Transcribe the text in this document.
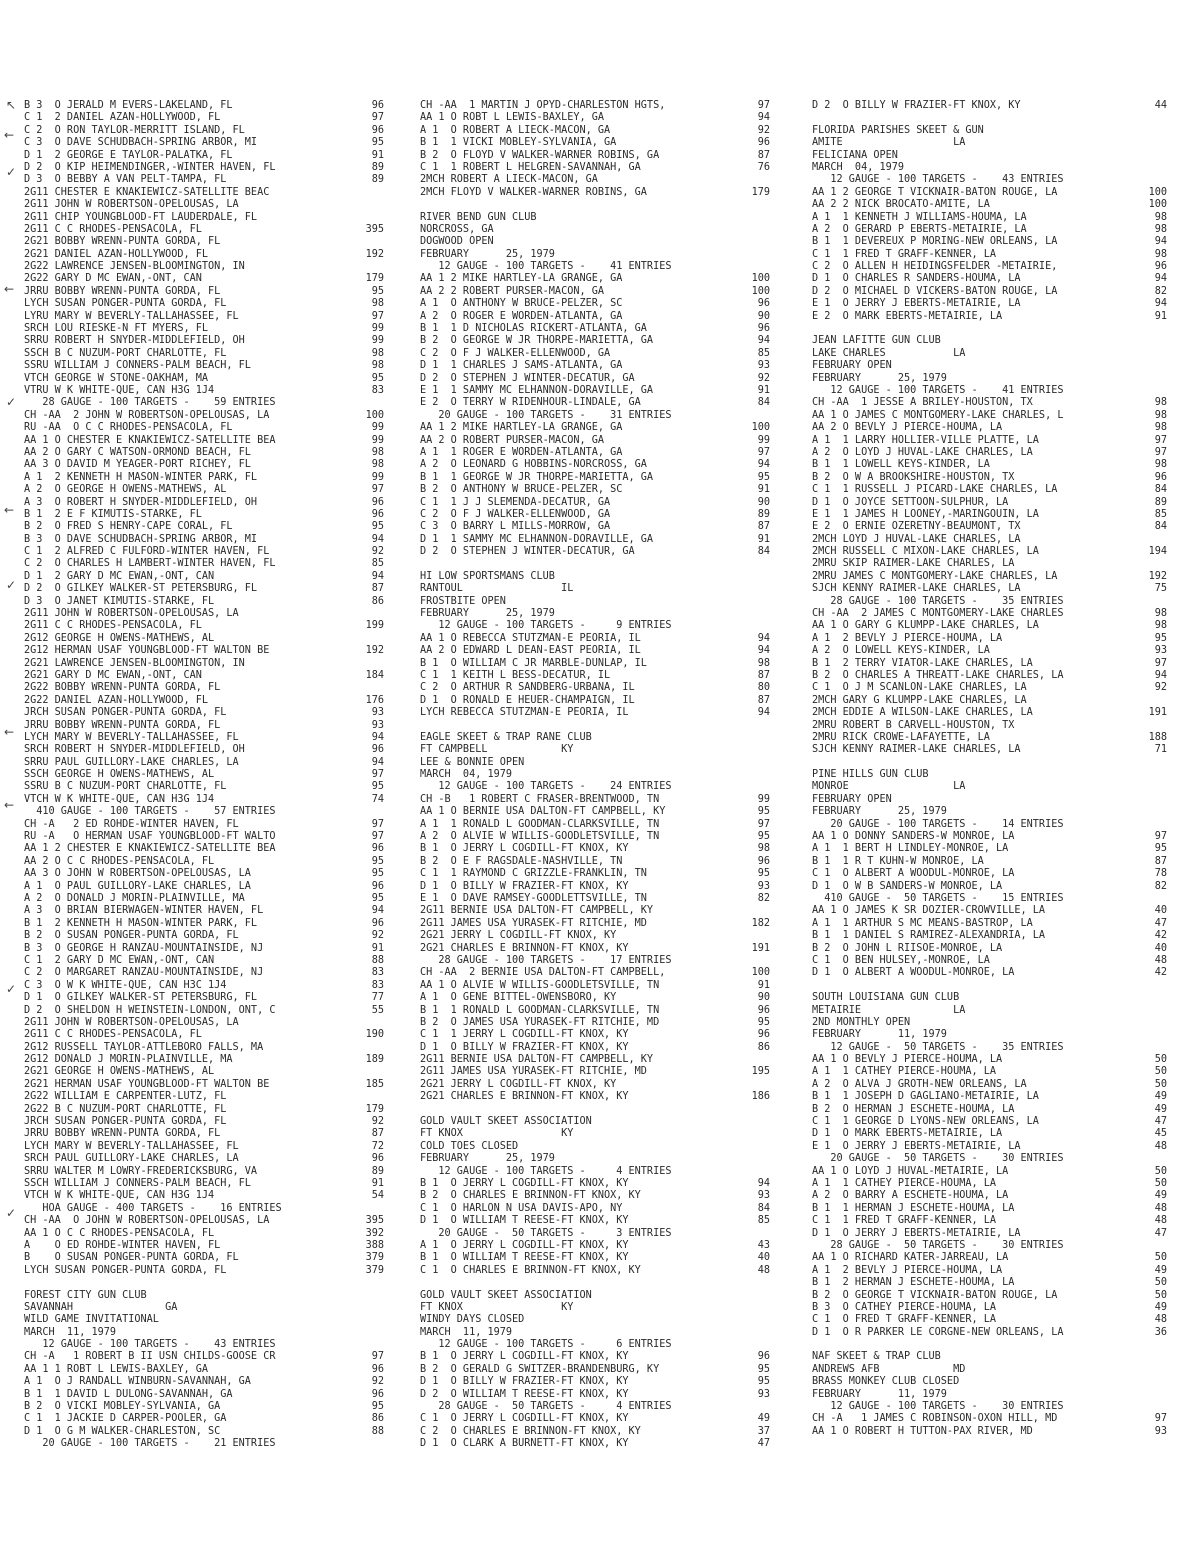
B 3  O JERALD M EVERS-LAKELAND, FL	96
C 1  2 DANIEL AZAN-HOLLYWOOD, FL	97
C 2  O RON TAYLOR-MERRITT ISLAND, FL	96
C 3  O DAVE SCHUDBACH-SPRING ARBOR, MI	95
D 1  2 GEORGE E TAYLOR-PALATKA, FL	91
D 2  O KIP HEIMENDINGER,-WINTER HAVEN, FL	89
D 3  O BEBBY A VAN PELT-TAMPA, FL	89
2G11 CHESTER E KNAKIEWICZ-SATELLITE BEAC
2G11 JOHN W ROBERTSON-OPELOUSAS, LA
2G11 CHIP YOUNGBLOOD-FT LAUDERDALE, FL
2G11 C C RHODES-PENSACOLA, FL	395
2G21 BOBBY WRENN-PUNTA GORDA, FL
2G21 DANIEL AZAN-HOLLYWOOD, FL	192
2G22 LAWRENCE JENSEN-BLOOMINGTON, IN
2G22 GARY D MC EWAN,-ONT, CAN	179
JRRU BOBBY WRENN-PUNTA GORDA, FL	95
LYCH SUSAN PONGER-PUNTA GORDA, FL	98
LYRU MARY W BEVERLY-TALLAHASSEE, FL	97
SRCH LOU RIESKE-N FT MYERS, FL	99
SRRU ROBERT H SNYDER-MIDDLEFIELD, OH	99
SSCH B C NUZUM-PORT CHARLOTTE, FL	98
SSRU WILLIAM J CONNERS-PALM BEACH, FL	98
VTCH GEORGE W STONE-OAKHAM, MA	95
VTRU W K WHITE-QUE, CAN H3G 1J4	83
28 GAUGE - 100 TARGETS -    59 ENTRIES
CH -AA  2 JOHN W ROBERTSON-OPELOUSAS, LA	100
RU -AA  O C C RHODES-PENSACOLA, FL	99
AA 1 O CHESTER E KNAKIEWICZ-SATELLITE BEA	99
AA 2 O GARY C WATSON-ORMOND BEACH, FL	98
AA 3 O DAVID M YEAGER-PORT RICHEY, FL	98
A 1  2 KENNETH H MASON-WINTER PARK, FL	99
A 2  O GEORGE H OWENS-MATHEWS, AL	97
A 3  O ROBERT H SNYDER-MIDDLEFIELD, OH	96
B 1  2 E F KIMUTIS-STARKE, FL	96
B 2  O FRED S HENRY-CAPE CORAL, FL	95
B 3  O DAVE SCHUDBACH-SPRING ARBOR, MI	94
C 1  2 ALFRED C FULFORD-WINTER HAVEN, FL	92
C 2  O CHARLES H LAMBERT-WINTER HAVEN, FL	85
D 1  2 GARY D MC EWAN,-ONT, CAN	94
D 2  O GILKEY WALKER-ST PETERSBURG, FL	87
D 3  O JANET KIMUTIS-STARKE, FL	86
2G11 JOHN W ROBERTSON-OPELOUSAS, LA
2G11 C C RHODES-PENSACOLA, FL	199
2G12 GEORGE H OWENS-MATHEWS, AL
2G12 HERMAN USAF YOUNGBLOOD-FT WALTON BE	192
2G21 LAWRENCE JENSEN-BLOOMINGTON, IN
2G21 GARY D MC EWAN,-ONT, CAN	184
2G22 BOBBY WRENN-PUNTA GORDA, FL
2G22 DANIEL AZAN-HOLLYWOOD, FL	176
JRCH SUSAN PONGER-PUNTA GORDA, FL	93
JRRU BOBBY WRENN-PUNTA GORDA, FL	93
LYCH MARY W BEVERLY-TALLAHASSEE, FL	94
SRCH ROBERT H SNYDER-MIDDLEFIELD, OH	96
SRRU PAUL GUILLORY-LAKE CHARLES, LA	94
SSCH GEORGE H OWENS-MATHEWS, AL	97
SSRU B C NUZUM-PORT CHARLOTTE, FL	95
VTCH W K WHITE-QUE, CAN H3G 1J4	74
410 GAUGE - 100 TARGETS -    57 ENTRIES
CH -A   2 ED ROHDE-WINTER HAVEN, FL	97
RU -A   O HERMAN USAF YOUNGBLOOD-FT WALTO	97
AA 1 2 CHESTER E KNAKIEWICZ-SATELLITE BEA	96
AA 2 O C C RHODES-PENSACOLA, FL	95
AA 3 O JOHN W ROBERTSON-OPELOUSAS, LA	95
A 1  O PAUL GUILLORY-LAKE CHARLES, LA	96
A 2  O DONALD J MORIN-PLAINVILLE, MA	95
A 3  O BRIAN BIERWAGEN-WINTER HAVEN, FL	94
B 1  2 KENNETH H MASON-WINTER PARK, FL	96
B 2  O SUSAN PONGER-PUNTA GORDA, FL	92
B 3  O GEORGE H RANZAU-MOUNTAINSIDE, NJ	91
C 1  2 GARY D MC EWAN,-ONT, CAN	88
C 2  O MARGARET RANZAU-MOUNTAINSIDE, NJ	83
C 3  O W K WHITE-QUE, CAN H3C 1J4	83
D 1  O GILKEY WALKER-ST PETERSBURG, FL	77
D 2  O SHELDON H WEINSTEIN-LONDON, ONT, C	55
2G11 JOHN W ROBERTSON-OPELOUSAS, LA
2G11 C C RHODES-PENSACOLA, FL	190
2G12 RUSSELL TAYLOR-ATTLEBORO FALLS, MA
2G12 DONALD J MORIN-PLAINVILLE, MA	189
2G21 GEORGE H OWENS-MATHEWS, AL
2G21 HERMAN USAF YOUNGBLOOD-FT WALTON BE	185
2G22 WILLIAM E CARPENTER-LUTZ, FL
2G22 B C NUZUM-PORT CHARLOTTE, FL	179
JRCH SUSAN PONGER-PUNTA GORDA, FL	92
JRRU BOBBY WRENN-PUNTA GORDA, FL	87
LYCH MARY W BEVERLY-TALLAHASSEE, FL	72
SRCH PAUL GUILLORY-LAKE CHARLES, LA	96
SRRU WALTER M LOWRY-FREDERICKSBURG, VA	89
SSCH WILLIAM J CONNERS-PALM BEACH, FL	91
VTCH W K WHITE-QUE, CAN H3G 1J4	54
HOA GAUGE - 400 TARGETS -    16 ENTRIES
CH -AA  O JOHN W ROBERTSON-OPELOUSAS, LA	395
AA 1 O C C RHODES-PENSACOLA, FL	392
A    O ED ROHDE-WINTER HAVEN, FL	388
B    O SUSAN PONGER-PUNTA GORDA, FL	379
LYCH SUSAN PONGER-PUNTA GORDA, FL	379
FOREST CITY GUN CLUB
SAVANNAH               GA
WILD GAME INVITATIONAL
MARCH  11, 1979
12 GAUGE - 100 TARGETS -    43 ENTRIES
CH -A   1 ROBERT B II USN CHILDS-GOOSE CR	97
AA 1 1 ROBT L LEWIS-BAXLEY, GA	96
A 1  O J RANDALL WINBURN-SAVANNAH, GA	92
B 1  1 DAVID L DULONG-SAVANNAH, GA	96
B 2  O VICKI MOBLEY-SYLVANIA, GA	95
C 1  1 JACKIE D CARPER-POOLER, GA	86
D 1  O G M WALKER-CHARLESTON, SC	88
20 GAUGE - 100 TARGETS -    21 ENTRIES
CH -AA  1 MARTIN J OPYD-CHARLESTON HGTS,	97
AA 1 O ROBT L LEWIS-BAXLEY, GA	94
A 1  O ROBERT A LIECK-MACON, GA	92
B 1  1 VICKI MOBLEY-SYLVANIA, GA	96
B 2  O FLOYD V WALKER-WARNER ROBINS, GA	87
C 1  1 ROBERT L HELGREN-SAVANNAH, GA	76
2MCH ROBERT A LIECK-MACON, GA
2MCH FLOYD V WALKER-WARNER ROBINS, GA	179
RIVER BEND GUN CLUB
NORCROSS, GA
DOGWOOD OPEN
FEBRUARY      25, 1979
12 GAUGE - 100 TARGETS -    41 ENTRIES
AA 1 2 MIKE HARTLEY-LA GRANGE, GA	100
AA 2 2 ROBERT PURSER-MACON, GA	100
A 1  O ANTHONY W BRUCE-PELZER, SC	96
A 2  O ROGER E WORDEN-ATLANTA, GA	90
B 1  1 D NICHOLAS RICKERT-ATLANTA, GA	96
B 2  O GEORGE W JR THORPE-MARIETTA, GA	94
C 2  O F J WALKER-ELLENWOOD, GA	85
D 1  1 CHARLES J SAMS-ATLANTA, GA	93
D 2  O STEPHEN J WINTER-DECATUR, GA	92
E 1  1 SAMMY MC ELHANNON-DORAVILLE, GA	91
E 2  O TERRY W RIDENHOUR-LINDALE, GA	84
20 GAUGE - 100 TARGETS -    31 ENTRIES
AA 1 2 MIKE HARTLEY-LA GRANGE, GA	100
AA 2 O ROBERT PURSER-MACON, GA	99
A 1  1 ROGER E WORDEN-ATLANTA, GA	97
A 2  O LEONARD G HOBBINS-NORCROSS, GA	94
B 1  1 GEORGE W JR THORPE-MARIETTA, GA	95
B 2  O ANTHONY W BRUCE-PELZER, SC	91
C 1  1 J J SLEMENDA-DECATUR, GA	90
C 2  O F J WALKER-ELLENWOOD, GA	89
C 3  O BARRY L MILLS-MORROW, GA	87
D 1  1 SAMMY MC ELHANNON-DORAVILLE, GA	91
D 2  O STEPHEN J WINTER-DECATUR, GA	84
HI LOW SPORTSMANS CLUB
RANTOUL                IL
FROSTBITE OPEN
FEBRUARY      25, 1979
12 GAUGE - 100 TARGETS -     9 ENTRIES
AA 1 O REBECCA STUTZMAN-E PEORIA, IL	94
AA 2 O EDWARD L DEAN-EAST PEORIA, IL	94
B 1  O WILLIAM C JR MARBLE-DUNLAP, IL	98
C 1  1 KEITH L BESS-DECATUR, IL	87
C 2  O ARTHUR R SANDBERG-URBANA, IL	80
D 1  O RONALD E HEUER-CHAMPAIGN, IL	87
LYCH REBECCA STUTZMAN-E PEORIA, IL	94
EAGLE SKEET & TRAP RANE CLUB
FT CAMPBELL            KY
LEE & BONNIE OPEN
MARCH  04, 1979
12 GAUGE - 100 TARGETS -    24 ENTRIES
CH -B   1 ROBERT C FRASER-BRENTWOOD, TN	99
AA 1 O BERNIE USA DALTON-FT CAMPBELL, KY	95
A 1  1 RONALD L GOODMAN-CLARKSVILLE, TN	97
A 2  O ALVIE W WILLIS-GOODLETSVILLE, TN	95
B 1  O JERRY L COGDILL-FT KNOX, KY	98
B 2  O E F RAGSDALE-NASHVILLE, TN	96
C 1  1 RAYMOND C GRIZZLE-FRANKLIN, TN	95
D 1  O BILLY W FRAZIER-FT KNOX, KY	93
E 1  O DAVE RAMSEY-GOODLETTSVILLE, TN	82
2G11 BERNIE USA DALTON-FT CAMPBELL, KY
2G11 JAMES USA YURASEK-FT RITCHIE, MD	182
2G21 JERRY L COGDILL-FT KNOX, KY
2G21 CHARLES E BRINNON-FT KNOX, KY	191
28 GAUGE - 100 TARGETS -    17 ENTRIES
CH -AA  2 BERNIE USA DALTON-FT CAMPBELL,	100
AA 1 O ALVIE W WILLIS-GOODLETSVILLE, TN	91
A 1  O GENE BITTEL-OWENSBORO, KY	90
B 1  1 RONALD L GOODMAN-CLARKSVILLE, TN	96
B 2  O JAMES USA YURASEK-FT RITCHIE, MD	95
C 1  1 JERRY L COGDILL-FT KNOX, KY	96
D 1  O BILLY W FRAZIER-FT KNOX, KY	86
2G11 BERNIE USA DALTON-FT CAMPBELL, KY
2G11 JAMES USA YURASEK-FT RITCHIE, MD	195
2G21 JERRY L COGDILL-FT KNOX, KY
2G21 CHARLES E BRINNON-FT KNOX, KY	186
GOLD VAULT SKEET ASSOCIATION
FT KNOX                KY
COLD TOES CLOSED
FEBRUARY      25, 1979
12 GAUGE - 100 TARGETS -     4 ENTRIES
B 1  O JERRY L COGDILL-FT KNOX, KY	94
B 2  O CHARLES E BRINNON-FT KNOX, KY	93
C 1  O HARLON N USA DAVIS-APO, NY	84
D 1  O WILLIAM T REESE-FT KNOX, KY	85
20 GAUGE -  50 TARGETS -     3 ENTRIES
A 1  O JERRY L COGDILL-FT KNOX, KY	43
B 1  O WILLIAM T REESE-FT KNOX, KY	40
C 1  O CHARLES E BRINNON-FT KNOX, KY	48
GOLD VAULT SKEET ASSOCIATION
FT KNOX                KY
WINDY DAYS CLOSED
MARCH  11, 1979
12 GAUGE - 100 TARGETS -     6 ENTRIES
B 1  O JERRY L COGDILL-FT KNOX, KY	96
B 2  O GERALD G SWITZER-BRANDENBURG, KY	95
D 1  O BILLY W FRAZIER-FT KNOX, KY	95
D 2  O WILLIAM T REESE-FT KNOX, KY	93
28 GAUGE -  50 TARGETS -     4 ENTRIES
C 1  O JERRY L COGDILL-FT KNOX, KY	49
C 2  O CHARLES E BRINNON-FT KNOX, KY	37
D 1  O CLARK A BURNETT-FT KNOX, KY	47
D 2  O BILLY W FRAZIER-FT KNOX, KY	44
FLORIDA PARISHES SKEET & GUN
AMITE                  LA
FELICIANA OPEN
MARCH  04, 1979
12 GAUGE - 100 TARGETS -    43 ENTRIES
AA 1 2 GEORGE T VICKNAIR-BATON ROUGE, LA	100
AA 2 2 NICK BROCATO-AMITE, LA	100
A 1  1 KENNETH J WILLIAMS-HOUMA, LA	98
A 2  O GERARD P EBERTS-METAIRIE, LA	98
B 1  1 DEVEREUX P MORING-NEW ORLEANS, LA	94
C 1  1 FRED T GRAFF-KENNER, LA	98
C 2  O ALLEN H HEIDINGSFELDER -METAIRIE,	96
D 1  O CHARLES R SANDERS-HOUMA, LA	94
D 2  O MICHAEL D VICKERS-BATON ROUGE, LA	82
E 1  O JERRY J EBERTS-METAIRIE, LA	94
E 2  O MARK EBERTS-METAIRIE, LA	91
JEAN LAFITTE GUN CLUB
LAKE CHARLES           LA
FEBRUARY OPEN
FEBRUARY      25, 1979
12 GAUGE - 100 TARGETS -    41 ENTRIES
CH -AA  1 JESSE A BRILEY-HOUSTON, TX	98
AA 1 O JAMES C MONTGOMERY-LAKE CHARLES, L	98
AA 2 O BEVLY J PIERCE-HOUMA, LA	98
A 1  1 LARRY HOLLIER-VILLE PLATTE, LA	97
A 2  O LOYD J HUVAL-LAKE CHARLES, LA	97
B 1  1 LOWELL KEYS-KINDER, LA	98
B 2  O W A BROOKSHIRE-HOUSTON, TX	96
C 1  1 RUSSELL J PICARD-LAKE CHARLES, LA	84
D 1  O JOYCE SETTOON-SULPHUR, LA	89
E 1  1 JAMES H LOONEY,-MARINGOUIN, LA	85
E 2  O ERNIE OZERETNY-BEAUMONT, TX	84
2MCH LOYD J HUVAL-LAKE CHARLES, LA
2MCH RUSSELL C MIXON-LAKE CHARLES, LA	194
2MRU SKIP RAIMER-LAKE CHARLES, LA
2MRU JAMES C MONTGOMERY-LAKE CHARLES, LA	192
SJCH KENNY RAIMER-LAKE CHARLES, LA	75
28 GAUGE - 100 TARGETS -    35 ENTRIES
CH -AA  2 JAMES C MONTGOMERY-LAKE CHARLES	98
AA 1 O GARY G KLUMPP-LAKE CHARLES, LA	98
A 1  2 BEVLY J PIERCE-HOUMA, LA	95
A 2  O LOWELL KEYS-KINDER, LA	93
B 1  2 TERRY VIATOR-LAKE CHARLES, LA	97
B 2  O CHARLES A THREATT-LAKE CHARLES, LA	94
C 1  O J M SCANLON-LAKE CHARLES, LA	92
2MCH GARY G KLUMPP-LAKE CHARLES, LA
2MCH EDDIE A WILSON-LAKE CHARLES, LA	191
2MRU ROBERT B CARVELL-HOUSTON, TX
2MRU RICK CROWE-LAFAYETTE, LA	188
SJCH KENNY RAIMER-LAKE CHARLES, LA	71
PINE HILLS GUN CLUB
MONROE                 LA
FEBRUARY OPEN
FEBRUARY      25, 1979
20 GAUGE - 100 TARGETS -    14 ENTRIES
AA 1 O DONNY SANDERS-W MONROE, LA	97
A 1  1 BERT H LINDLEY-MONROE, LA	95
B 1  1 R T KUHN-W MONROE, LA	87
C 1  O ALBERT A WOODUL-MONROE, LA	78
D 1  O W B SANDERS-W MONROE, LA	82
410 GAUGE -  50 TARGETS -    15 ENTRIES
AA 1 O JAMES K SR DOZIER-CROWVILLE, LA	40
A 1  1 ARTHUR S MC MEANS-BASTROP, LA	47
B 1  1 DANIEL S RAMIREZ-ALEXANDRIA, LA	42
B 2  O JOHN L RIISOE-MONROE, LA	40
C 1  O BEN HULSEY,-MONROE, LA	48
D 1  O ALBERT A WOODUL-MONROE, LA	42
SOUTH LOUISIANA GUN CLUB
METAIRIE               LA
2ND MONTHLY OPEN
FEBRUARY      11, 1979
12 GAUGE -  50 TARGETS -    35 ENTRIES
AA 1 O BEVLY J PIERCE-HOUMA, LA	50
A 1  1 CATHEY PIERCE-HOUMA, LA	50
A 2  O ALVA J GROTH-NEW ORLEANS, LA	50
B 1  1 JOSEPH D GAGLIANO-METAIRIE, LA	49
B 2  O HERMAN J ESCHETE-HOUMA, LA	49
C 1  1 GEORGE D LYONS-NEW ORLEANS, LA	47
D 1  O MARK EBERTS-METAIRIE, LA	45
E 1  O JERRY J EBERTS-METAIRIE, LA	48
20 GAUGE -  50 TARGETS -    30 ENTRIES
AA 1 O LOYD J HUVAL-METAIRIE, LA	50
A 1  1 CATHEY PIERCE-HOUMA, LA	50
A 2  O BARRY A ESCHETE-HOUMA, LA	49
B 1  1 HERMAN J ESCHETE-HOUMA, LA	48
C 1  1 FRED T GRAFF-KENNER, LA	48
D 1  O JERRY J EBERTS-METAIRIE, LA	47
28 GAUGE -  50 TARGETS -    30 ENTRIES
AA 1 O RICHARD KATER-JARREAU, LA	50
A 1  2 BEVLY J PIERCE-HOUMA, LA	49
B 1  2 HERMAN J ESCHETE-HOUMA, LA	50
B 2  O GEORGE T VICKNAIR-BATON ROUGE, LA	50
B 3  O CATHEY PIERCE-HOUMA, LA	49
C 1  O FRED T GRAFF-KENNER, LA	48
D 1  O R PARKER LE CORGNE-NEW ORLEANS, LA	36
NAF SKEET & TRAP CLUB
ANDREWS AFB            MD
BRASS MONKEY CLUB CLOSED
FEBRUARY      11, 1979
12 GAUGE - 100 TARGETS -    30 ENTRIES
CH -A   1 JAMES C ROBINSON-OXON HILL, MD	97
AA 1 O ROBERT H TUTTON-PAX RIVER, MD	93
↖
←
✓
←
✓
←
✓
←
←
✓
✓
